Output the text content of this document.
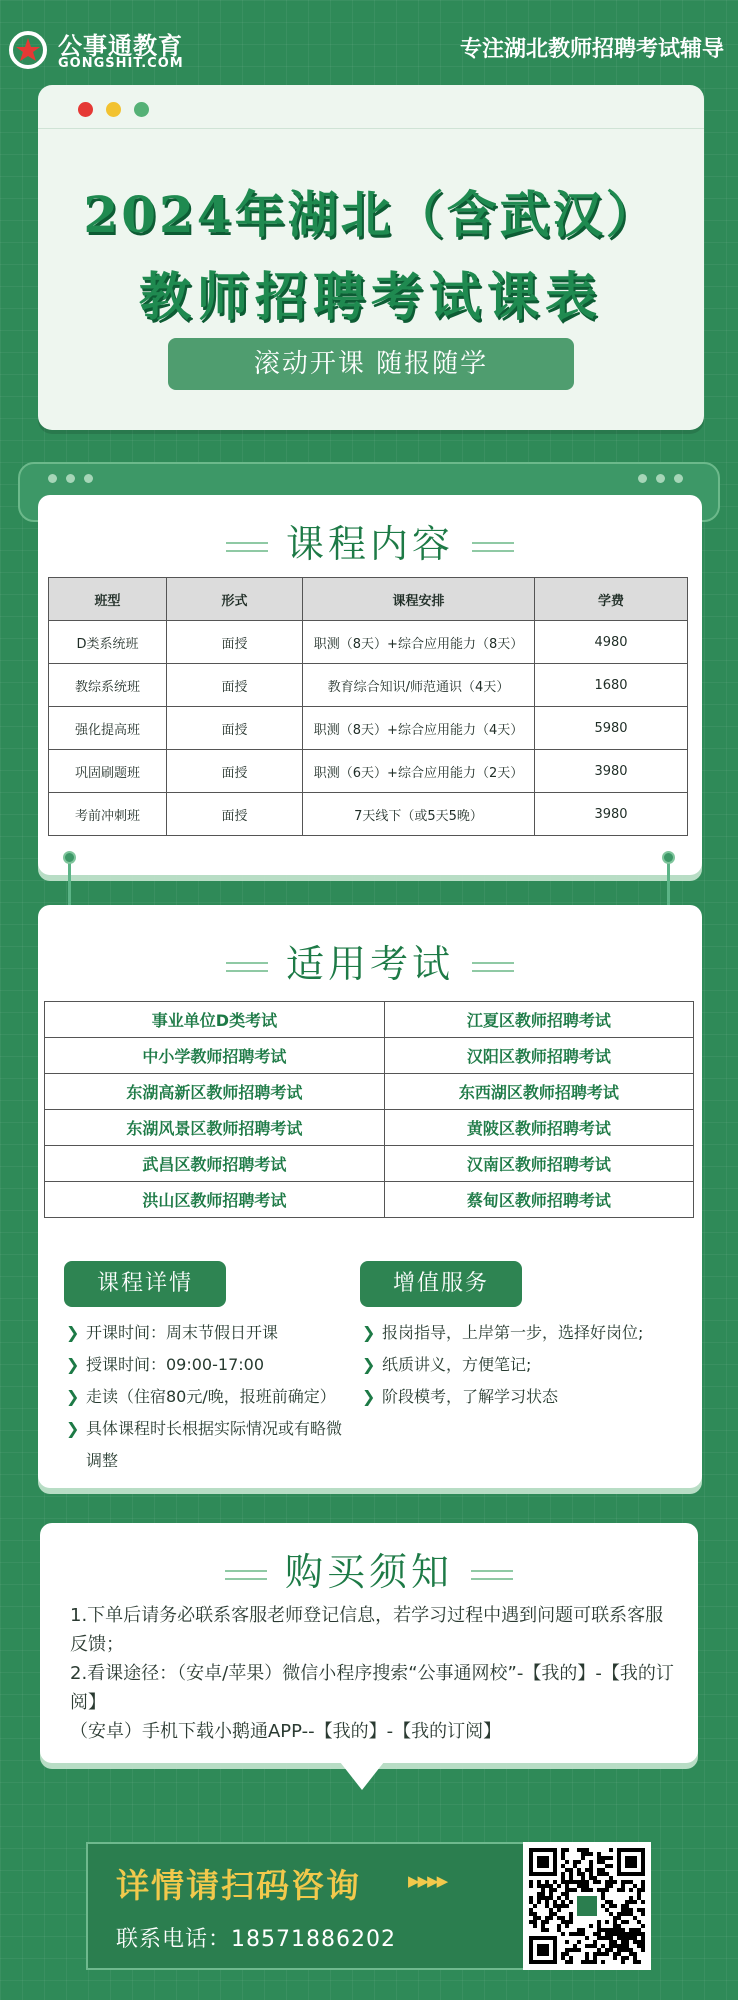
公事通教育
GONGSHIT.COM
专注湖北教师招聘考试辅导
2024年湖北（含武汉）
教师招聘考试课表
滚动开课 随报随学
课程内容
班型	形式	课程安排	学费
D类系统班	面授	职测（8天）+综合应用能力（8天）	4980
教综系统班	面授	教育综合知识/师范通识（4天）	1680
强化提高班	面授	职测（8天）+综合应用能力（4天）	5980
巩固刷题班	面授	职测（6天）+综合应用能力（2天）	3980
考前冲刺班	面授	7天线下（或5天5晚）	3980
适用考试
事业单位D类考试	江夏区教师招聘考试
中小学教师招聘考试	汉阳区教师招聘考试
东湖高新区教师招聘考试	东西湖区教师招聘考试
东湖风景区教师招聘考试	黄陂区教师招聘考试
武昌区教师招聘考试	汉南区教师招聘考试
洪山区教师招聘考试	蔡甸区教师招聘考试
课程详情	增值服务
❯ 开课时间：周末节假日开课
❯ 授课时间：09:00-17:00
❯ 走读（住宿80元/晚，报班前确定）
❯ 具体课程时长根据实际情况或有略微调整
❯ 报岗指导，上岸第一步，选择好岗位;
❯ 纸质讲义，方便笔记;
❯ 阶段模考，了解学习状态
购买须知

1.下单后请务必联系客服老师登记信息，若学习过程中遇到问题可联系客服反馈；

2.看课途径：（安卓/苹果）微信小程序搜索“公事通网校”-【我的】-【我的订阅】

（安卓）手机下载小鹅通APP--【我的】-【我的订阅】

详情请扫码咨询	▶▶▶▶
联系电话：18571886202
